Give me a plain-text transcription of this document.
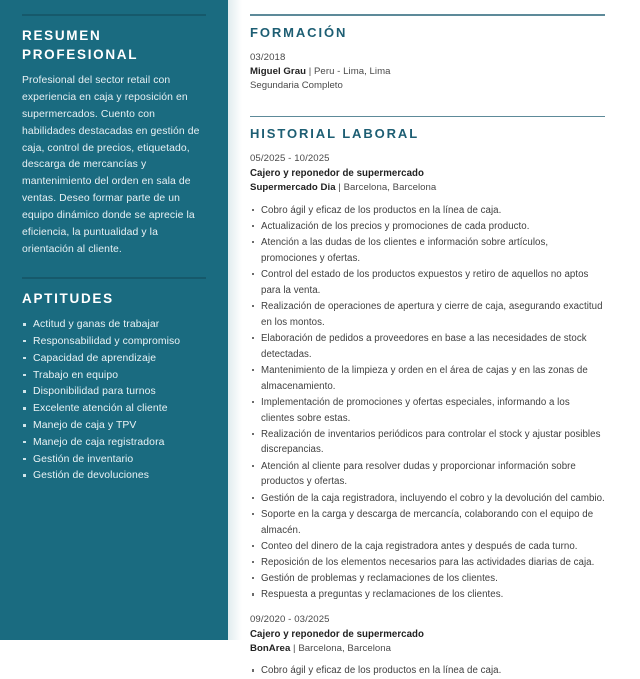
RESUMEN PROFESIONAL

Profesional del sector retail con experiencia en caja y reposición en supermercados. Cuento con habilidades destacadas en gestión de caja, control de precios, etiquetado, descarga de mercancías y mantenimiento del orden en sala de ventas. Deseo formar parte de un equipo dinámico donde se aprecie la eficiencia, la puntualidad y la orientación al cliente.

APTITUDES
Actitud y ganas de trabajar
Responsabilidad y compromiso
Capacidad de aprendizaje
Trabajo en equipo
Disponibilidad para turnos
Excelente atención al cliente
Manejo de caja y TPV
Manejo de caja registradora
Gestión de inventario
Gestión de devoluciones
FORMACIÓN
03/2018
Miguel Grau | Peru - Lima, Lima
Segundaria Completo
HISTORIAL LABORAL
05/2025 - 10/2025
Cajero y reponedor de supermercado
Supermercado Dia | Barcelona, Barcelona
Cobro ágil y eficaz de los productos en la línea de caja.
Actualización de los precios y promociones de cada producto.
Atención a las dudas de los clientes e información sobre artículos, promociones y ofertas.
Control del estado de los productos expuestos y retiro de aquellos no aptos para la venta.
Realización de operaciones de apertura y cierre de caja, asegurando exactitud en los montos.
Elaboración de pedidos a proveedores en base a las necesidades de stock detectadas.
Mantenimiento de la limpieza y orden en el área de cajas y en las zonas de almacenamiento.
Implementación de promociones y ofertas especiales, informando a los clientes sobre estas.
Realización de inventarios periódicos para controlar el stock y ajustar posibles discrepancias.
Atención al cliente para resolver dudas y proporcionar información sobre productos y ofertas.
Gestión de la caja registradora, incluyendo el cobro y la devolución del cambio.
Soporte en la carga y descarga de mercancía, colaborando con el equipo de almacén.
Conteo del dinero de la caja registradora antes y después de cada turno.
Reposición de los elementos necesarios para las actividades diarias de caja.
Gestión de problemas y reclamaciones de los clientes.
Respuesta a preguntas y reclamaciones de los clientes.
09/2020 - 03/2025
Cajero y reponedor de supermercado
BonArea | Barcelona, Barcelona
Cobro ágil y eficaz de los productos en la línea de caja.
